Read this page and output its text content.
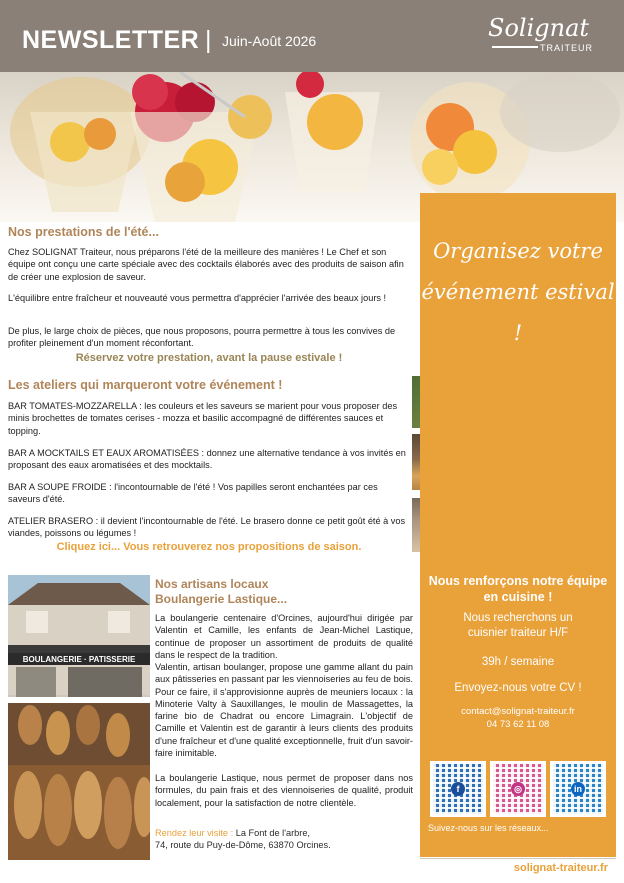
NEWSLETTER | Juin-Août 2026	Solignat
TRAITEUR
Nos prestations de l'été...
Chez SOLIGNAT Traiteur, nous préparons l'été de la meilleure des manières ! Le Chef et son équipe ont conçu une carte spéciale avec des cocktails élaborés avec des produits de saison afin de créer une explosion de saveur.
L'équilibre entre fraîcheur et nouveauté vous permettra d'apprécier l'arrivée des beaux jours !
De plus, le large choix de pièces, que nous proposons, pourra permettre à tous les convives de profiter pleinement d'un moment réconfortant.
Réservez votre prestation, avant la pause estivale !
Les ateliers qui marqueront votre événement !
BAR TOMATES-MOZZARELLA : les couleurs et les saveurs se marient pour vous proposer des minis brochettes de tomates cerises - mozza et basilic accompagné de différentes sauces et topping.
BAR A MOCKTAILS ET EAUX AROMATISÉES : donnez une alternative tendance à vos invités en proposant des eaux aromatisées et des mocktails.
BAR A SOUPE FROIDE : l'incontournable de l'été ! Vos papilles seront enchantées par ces saveurs d'été.
ATELIER BRASERO : il devient l'incontournable de l'été. Le brasero donne ce petit goût été à vos viandes, poissons ou légumes !
Cliquez ici... Vous retrouverez nos propositions de saison.
Organisez votre événement estival !
Nous renforçons notre équipe en cuisine !
Nous recherchons un cuisnier traiteur H/F
39h / semaine
Envoyez-nous votre CV !
contact@solignat-traiteur.fr
04 73 62 11 08
f	◎	in
Suivez-nous sur les réseaux...
BOULANGERIE · PATISSERIE
Nos artisans locaux
Boulangerie Lastique...
La boulangerie centenaire d'Orcines, aujourd'hui dirigée par Valentin et Camille, les enfants de Jean-Michel Lastique, continue de proposer un assortiment de produits de qualité dans le respect de la tradition.
Valentin, artisan boulanger, propose une gamme allant du pain aux pâtisseries en passant par les viennoiseries au feu de bois. Pour ce faire, il s'approvisionne auprès de meuniers locaux : la Minoterie Valty à Sauxillanges, le moulin de Massagettes, la farine bio de Chadrat ou encore Limagrain. L'objectif de Camille et Valentin est de garantir à leurs clients des produits d'une fraîcheur et d'une qualité exceptionnelle, fruit d'un savoir-faire inimitable.
La boulangerie Lastique, nous permet de proposer dans nos formules, du pain frais et des viennoiseries de qualité, produit localement, pour la satisfaction de notre clientèle.
Rendez leur visite : La Font de l'arbre,
74, route du Puy-de-Dôme, 63870 Orcines.
solignat-traiteur.fr
